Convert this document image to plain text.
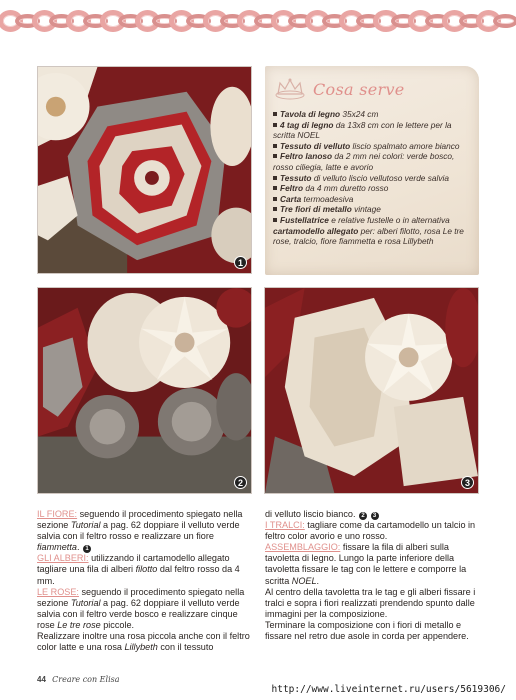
1
Cosa serve
Tavola di legno 35x24 cm
4 tag di legno da 13x8 cm con le lettere per la
scritta NOEL
Tessuto di velluto liscio spalmato amore bianco
Feltro lanoso da 2 mm nei colori: verde bosco,
rosso ciliegia, latte e avorio
Tessuto di velluto liscio vellutoso verde salvia
Feltro da 4 mm duretto rosso
Carta termoadesiva
Tre fiori di metallo vintage
Fustellatrice e relative fustelle o in alternativa
cartamodello allegato per: alberi filotto, rosa Le tre
rose, tralcio, fiore fiammetta e rosa Lillybeth
2	3

IL FIORE: seguendo il procedimento spiegato nella sezione Tutorial a pag. 62 doppiare il velluto verde salvia con il feltro rosso e realizzare un fiore fiammetta. 1

GLI ALBERI: utilizzando il cartamodello allegato tagliare una fila di alberi filotto dal feltro rosso da 4 mm.

LE ROSE: seguendo il procedimento spiegato nella sezione Tutorial a pag. 62 doppiare il velluto verde salvia con il feltro verde bosco e realizzare cinque rose Le tre rose piccole.

Realizzare inoltre una rosa piccola anche con il feltro color latte e una rosa Lillybeth con il tessuto

di velluto liscio bianco. 2 3

I TRALCI: tagliare come da cartamodello un talcio in feltro color avorio e uno rosso.

ASSEMBLAGGIO: fissare la fila di alberi sulla tavoletta di legno. Lungo la parte inferiore della tavoletta fissare le tag con le lettere e comporre la scritta NOEL.

Al centro della tavoletta tra le tag e gli alberi fissare i tralci e sopra i fiori realizzati prendendo spunto dalle immagini per la composizione.

Terminare la composizione con i fiori di metallo e fissare nel retro due asole in corda per appendere.

44 Creare con Elisa
http://www.liveinternet.ru/users/5619306/
